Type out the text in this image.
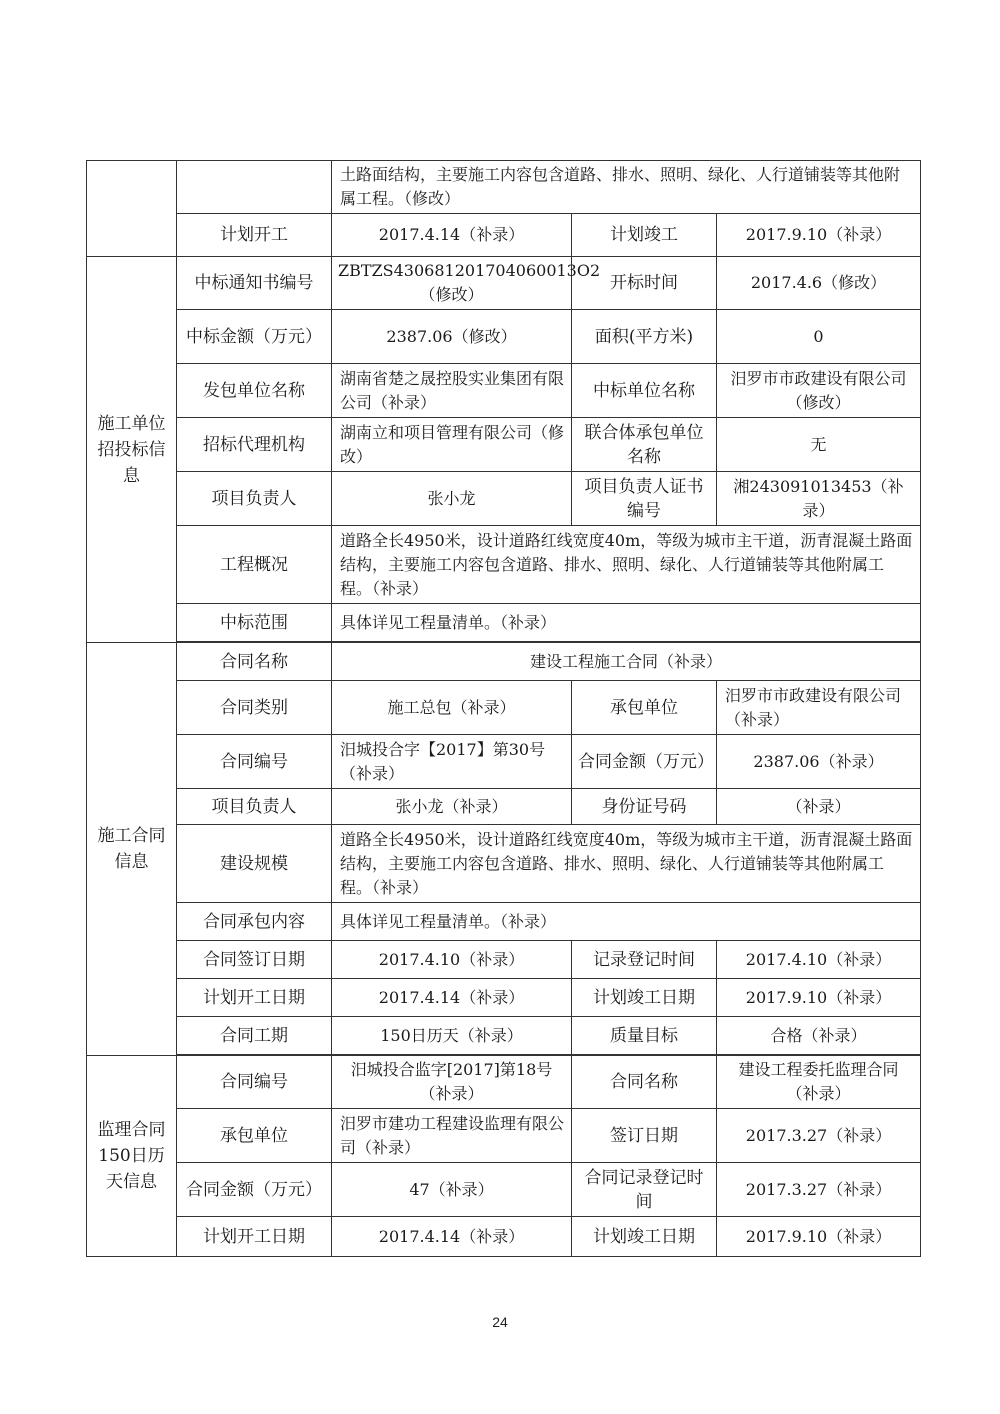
		土路面结构，主要施工内容包含道路、排水、照明、绿化、人行道铺装等其他附属工程。（修改）		
	计划开工	2017.4.14（补录）	计划竣工	2017.9.10（补录）
施工单位招投标信息	中标通知书编号	ZBTZS430681201704060013O2（修改）	开标时间	2017.4.6（修改）
	中标金额（万元）	2387.06（修改）	面积(平方米)	0
	发包单位名称	湖南省楚之晟控股实业集团有限公司（补录）	中标单位名称	汨罗市市政建设有限公司（修改）
	招标代理机构	湖南立和项目管理有限公司（修改）	联合体承包单位名称	无
	项目负责人	张小龙	项目负责人证书编号	湘243091013453（补录）
	工程概况	道路全长4950米，设计道路红线宽度40m，等级为城市主干道，沥青混凝土路面结构，主要施工内容包含道路、排水、照明、绿化、人行道铺装等其他附属工程。（补录）		
	中标范围	具体详见工程量清单。（补录）		

施工合同信息	合同名称	建设工程施工合同（补录）		
	合同类别	施工总包（补录）	承包单位	汨罗市市政建设有限公司（补录）
	合同编号	汨城投合字【2017】第30号（补录）	合同金额（万元）	2387.06（补录）
	项目负责人	张小龙（补录）	身份证号码	（补录）
	建设规模	道路全长4950米，设计道路红线宽度40m，等级为城市主干道，沥青混凝土路面结构，主要施工内容包含道路、排水、照明、绿化、人行道铺装等其他附属工程。（补录）		
	合同承包内容	具体详见工程量清单。（补录）		
	合同签订日期	2017.4.10（补录）	记录登记时间	2017.4.10（补录）
	计划开工日期	2017.4.14（补录）	计划竣工日期	2017.9.10（补录）
	合同工期	150日历天（补录）	质量目标	合格（补录）

监理合同150日历天信息	合同编号	汨城投合监字[2017]第18号（补录）	合同名称	建设工程委托监理合同（补录）
	承包单位	汨罗市建功工程建设监理有限公司（补录）	签订日期	2017.3.27（补录）
	合同金额（万元）	47（补录）	合同记录登记时间	2017.3.27（补录）
	计划开工日期	2017.4.14（补录）	计划竣工日期	2017.9.10（补录）
24
